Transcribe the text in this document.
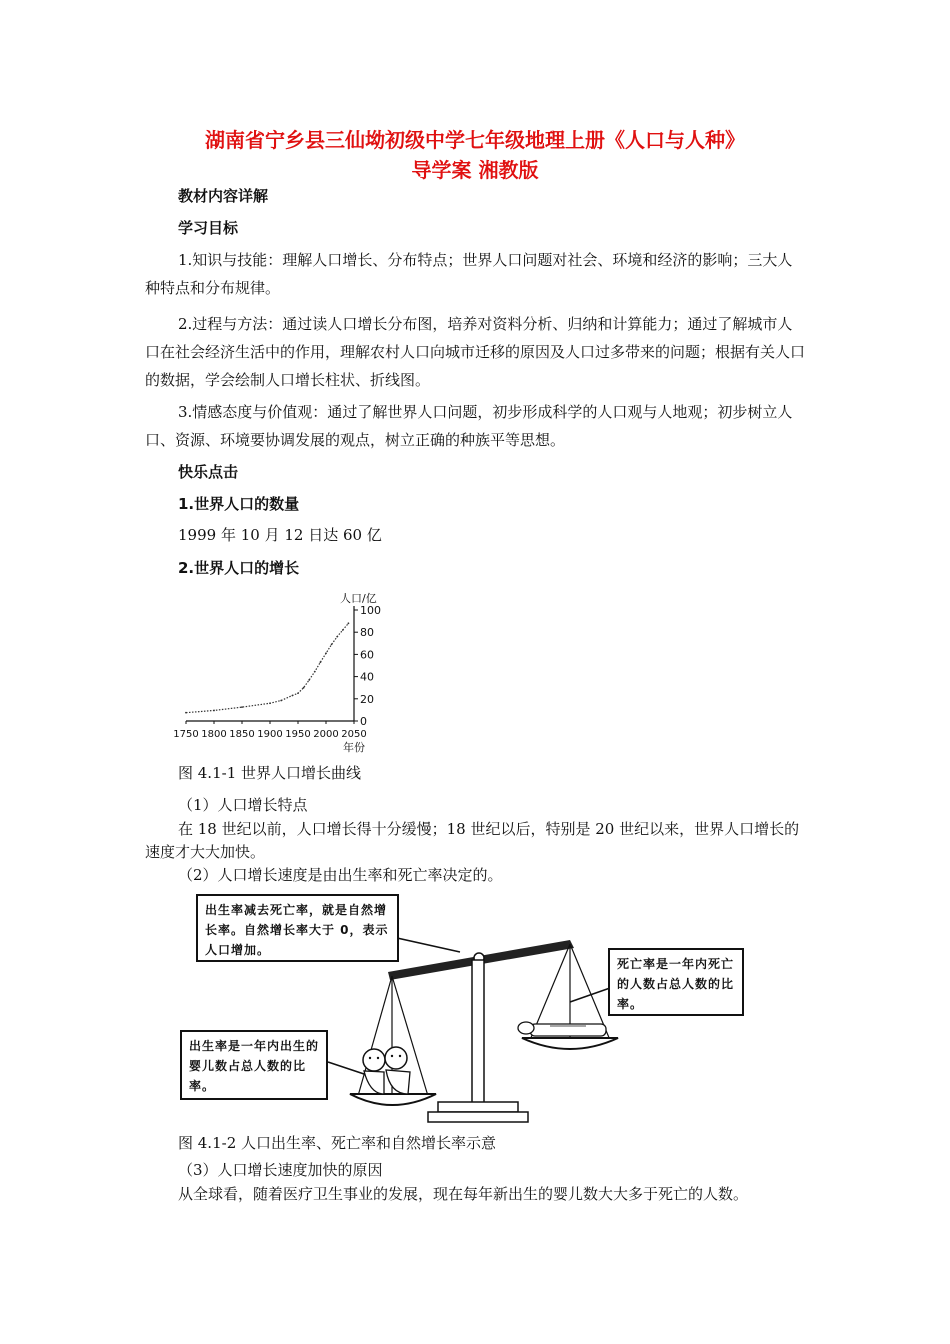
湖南省宁乡县三仙坳初级中学七年级地理上册《人口与人种》
导学案 湘教版
教材内容详解
学习目标
1.知识与技能：理解人口增长、分布特点；世界人口问题对社会、环境和经济的影响；三大人种特点和分布规律。
2.过程与方法：通过读人口增长分布图，培养对资料分析、归纳和计算能力；通过了解城市人口在社会经济生活中的作用，理解农村人口向城市迁移的原因及人口过多带来的问题；根据有关人口的数据，学会绘制人口增长柱状、折线图。
3.情感态度与价值观：通过了解世界人口问题，初步形成科学的人口观与人地观；初步树立人口、资源、环境要协调发展的观点，树立正确的种族平等思想。
快乐点击
1.世界人口的数量
1999 年 10 月 12 日达 60 亿
2.世界人口的增长
0
20
40
60
80
100
1750 1800 1850 1900 1950 2000 2050
人口/亿
年份
图 4.1-1 世界人口增长曲线
（1）人口增长特点
在 18 世纪以前，人口增长得十分缓慢；18 世纪以后，特别是 20 世纪以来，世界人口增长的速度才大大加快。
（2）人口增长速度是由出生率和死亡率决定的。
出生率减去死亡率，就是自然增长率。自然增长率大于 0，表示人口增加。
死亡率是一年内死亡的人数占总人数的比率。
出生率是一年内出生的婴儿数占总人数的比率。
图 4.1-2 人口出生率、死亡率和自然增长率示意
（3）人口增长速度加快的原因
从全球看，随着医疗卫生事业的发展，现在每年新出生的婴儿数大大多于死亡的人数。
